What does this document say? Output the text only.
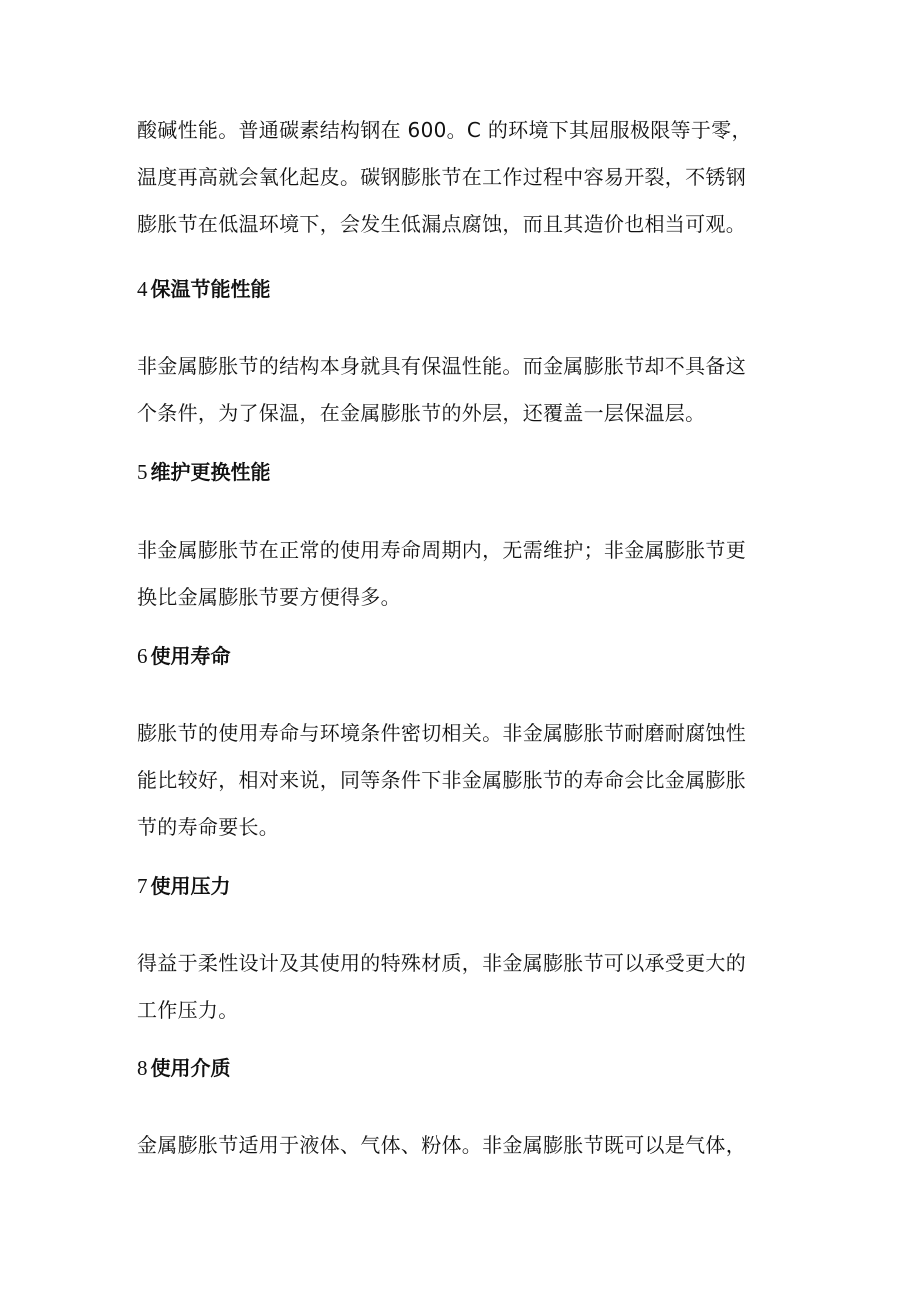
酸碱性能。普通碳素结构钢在 600。C 的环境下其屈服极限等于零，
温度再高就会氧化起皮。碳钢膨胀节在工作过程中容易开裂，不锈钢
膨胀节在低温环境下，会发生低漏点腐蚀，而且其造价也相当可观。

4 保温节能性能

非金属膨胀节的结构本身就具有保温性能。而金属膨胀节却不具备这
个条件，为了保温，在金属膨胀节的外层，还覆盖一层保温层。

5 维护更换性能

非金属膨胀节在正常的使用寿命周期内，无需维护；非金属膨胀节更
换比金属膨胀节要方便得多。

6 使用寿命

膨胀节的使用寿命与环境条件密切相关。非金属膨胀节耐磨耐腐蚀性
能比较好，相对来说，同等条件下非金属膨胀节的寿命会比金属膨胀
节的寿命要长。

7 使用压力

得益于柔性设计及其使用的特殊材质，非金属膨胀节可以承受更大的
工作压力。

8 使用介质

金属膨胀节适用于液体、气体、粉体。非金属膨胀节既可以是气体，
